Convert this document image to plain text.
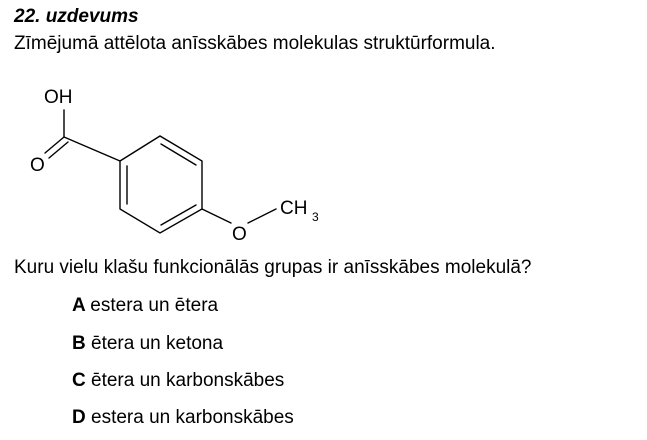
22. uzdevums
Zīmējumā attēlota anīsskābes molekulas struktūrformula.
OH
O
O
CH 3
Kuru vielu klašu funkcionālās grupas ir anīsskābes molekulā?
A estera un ētera
B ētera un ketona
C ētera un karbonskābes
D estera un karbonskābes
